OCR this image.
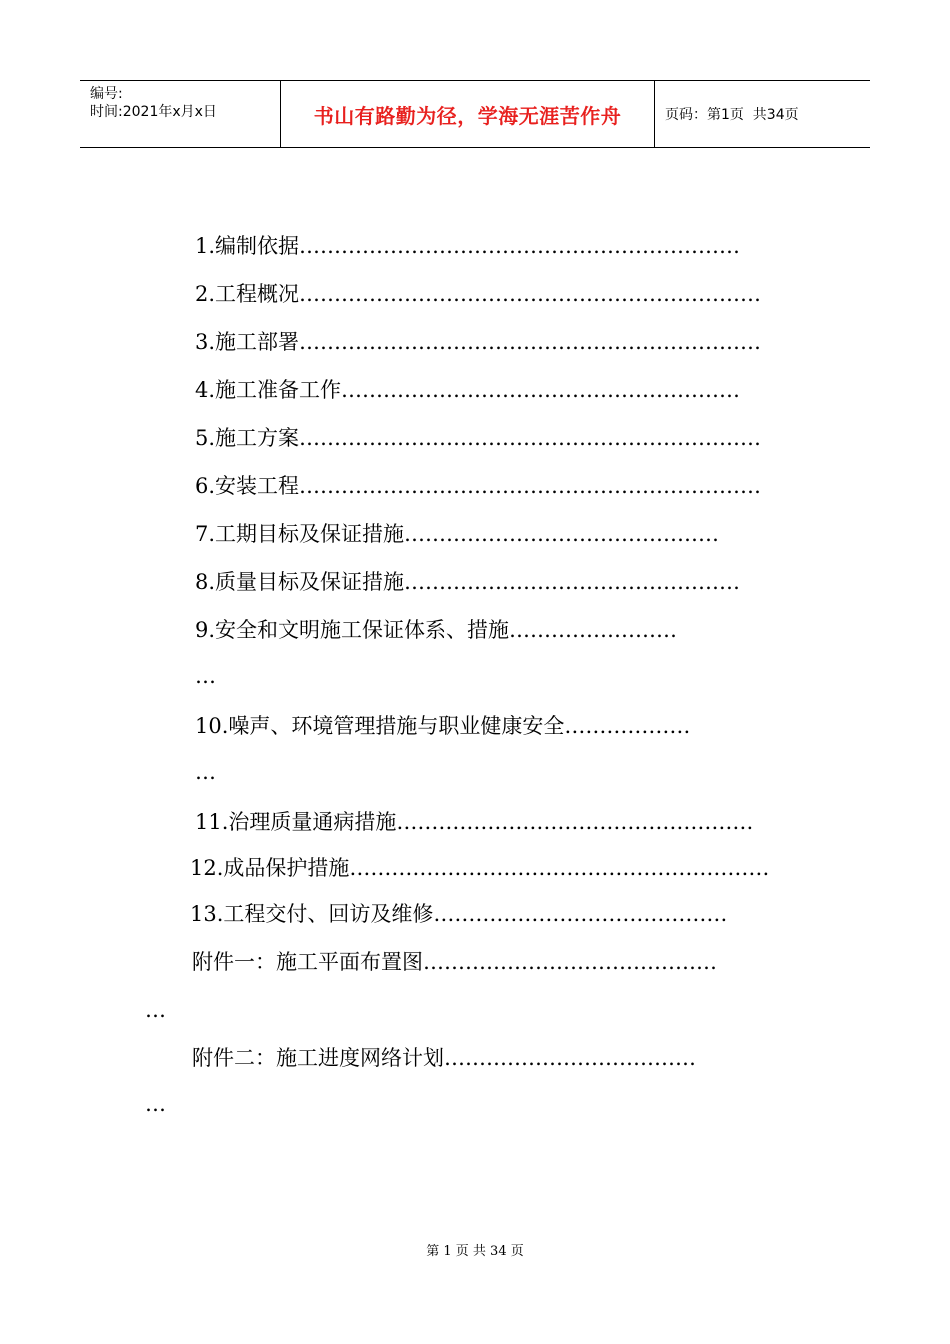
编号:
时间:2021年x月x日	书山有路勤为径，学海无涯苦作舟	页码：第1页  共34页
1.编制依据………………………………………………………
2.工程概况…………………………………………………………
3.施工部署…………………………………………………………
4.施工准备工作…………………………………………………
5.施工方案…………………………………………………………
6.安装工程…………………………………………………………
7.工期目标及保证措施………………………………………
8.质量目标及保证措施…………………………………………
9.安全和文明施工保证体系、措施……………………
…
10.噪声、环境管理措施与职业健康安全………………
…
11.治理质量通病措施……………………………………………
12.成品保护措施……………………………………………………
13.工程交付、回访及维修……………………………………
附件一：施工平面布置图……………………………………
…
附件二：施工进度网络计划………………………………
…
第 1 页 共 34 页
